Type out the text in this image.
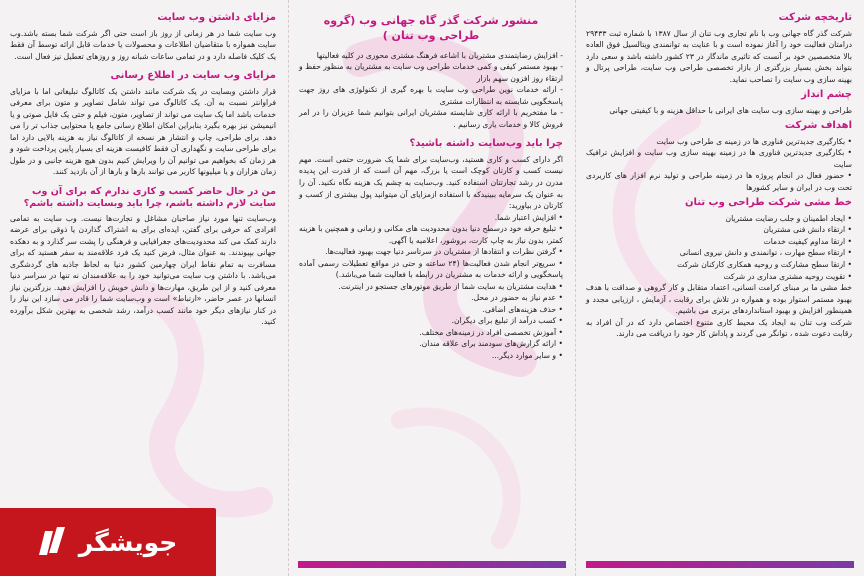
تاریخچه شرکت

شرکت گذر گاه جهانی وب با نام تجاری وب تنان از سال ۱۳۸۷ با شماره ثبت ۲۹۴۳۳ درامتان فعالیت خود را آغاز نموده است و با عنایت به توانمندی ویتالسیل فوق العاده بالا متخصصین خود بر آنست که تاثیری ماندگار در ۲۳ کشور داشته باشد و سعی دارد بتواند بخش بسیار بزرگتری از بازار تخصصی طراحی وب سایت، طراحی پرتال و بهینه سازی وب سایت را تصاحب نماید.

چشم انداز

طراحی و بهینه سازی وب سایت های ایرانی با حداقل هزینه و با کیفیتی جهانی

اهداف شرکت
• بکارگیری جدیدترین فناوری ها در زمینه ی طراحی وب سایت
• بکارگیری جدیدترین فناوری ها در زمینه بهینه سازی وب سایت و افزایش ترافیک سایت
• حضور فعال در انجام پروژه ها در زمینه طراحی و تولید نرم افزار های کاربردی تحت وب در ایران و سایر کشورها
خط مشی شرکت طراحی وب تنان
• ایجاد اطمینان و جلب رضایت مشتریان
• ارتقاء دانش فنی مشتریان
• ارتقا مداوم کیفیت خدمات
• ارتقاء سطح مهارت ، توانمندی و دانش نیروی انسانی
• ارتقا سطح مشارکت و روحیه همکاری کارکنان شرکت
• تقویت روحیه مشتری مداری در شرکت

خط مشی ما بر مبنای کرامت انسانی، اعتماد متقابل و کار گروهی و صداقت با هدف بهبود مستمر استوار بوده و همواره در تلاش برای رقابت ، آزمایش ، ارزیابی مجدد و همینطور افزایش و بهبود استانداردهای برتری می باشیم.

شرکت وب تنان به ایجاد یک محیط کاری متنوع اختصاص دارد که در آن افراد به رقابت دعوت شده ، توانگر می گردند و پاداش کار خود را دریافت می دارند.

منشور شرکت گذر گاه جهانی وب (گروه طراحی وب تنان )
- افزایش رضایتمندی مشتریان با اشاعه فرهنگ مشتری محوری در کلیه فعالیتها
- بهبود مستمر کیفی و کمی خدمات طراحی وب سایت به مشتریان به منظور حفظ و ارتقاء روز افزون سهم بازار
- ارائه خدمات نوین طراحی وب سایت با بهره گیری از تکنولوژی های روز جهت پاسخگویی شایسته به انتظارات مشتری
- ما مفتخریم با ارائه کاری شایسته مشتریان ایرانی بتوانیم شما عزیزان را در امر فروش کالا و خدمات یاری رسانیم .
چرا باید وب‌سایت داشته باشید؟

اگر دارای کسب و کاری هستید، وب‌سایت برای شما یک ضرورت حتمی است. مهم نیست کسب و کارتان کوچک است یا بزرگ، مهم آن است که از قدرت این پدیده مدرن در رشد تجارتتان استفاده کنید. وب‌سایت به چشم یک هزینه نگاه نکنید. آن را به عنوان یک سرمایه ببینید‌که با استفاده ازمزایای آن میتوانید پول بیشتری از کسب و کارتان در بیاورید:

• افزایش اعتبار شما.
• تبلیغ حرفه خود درسطح دنیا بدون محدودیت های مکانی و زمانی و همچنین با هزینه کمتر، بدون نیاز به چاپ کارت، بروشور، اعلامیه یا آگهی.
• گرفتن نظرات و انتقادها از مشتریان در سرتاسر دنیا جهت بهبود فعالیت‌ها.
• سریع‌تر انجام شدن فعالیت‌ها (۲۴ ساعته و حتی در مواقع تعطیلات رسمی آماده پاسخگویی و ارائه خدمات به مشتریان در رابطه با فعالیت شما می‌باشد.)
• هدایت مشتریان به سایت شما از طریق موتورهای جستجو در اینترنت.
• عدم نیاز به حضور در محل.
• حذف هزینه‌های اضافی.
• کسب درآمد از تبلیغ برای دیگران.
• آموزش تخصصی افراد در زمینه‌های مختلف.
• ارائه گزارش‌های سودمند برای علاقه مندان.
• و سایر موارد دیگر...
مزایای داشتن وب سایت

وب سایت شما در هر زمانی از روز باز است حتی اگر شرکت شما بسته باشد.وب سایت همواره با متقاضیان اطلاعات و محصولات یا خدمات قابل ارائه توسط آن فقط یک کلیک فاصله دارد و در تمامی ساعات شبانه روز و روزهای تعطیل نیز فعال است.

مزایای وب سایت در اطلاع رسانی

قرار داشتن وبسایت در یک شرکت مانند داشتن یک کاتالوگ تبلیغاتی اما با مزایای فراوانتر نسبت به آن. یک کاتالوگ می تواند شامل تصاویر و متون برای معرفی خدمات باشد اما یک سایت می تواند از تصاویر، متون، فیلم و حتی یک فایل صوتی و یا انیمیشن نیز بهره بگیرد بنابراین امکان اطلاع رسانی جامع یا محتوایی جذاب تر را می دهد. برای طراحی، چاپ و انتشار هر نسخه از کاتالوگ نیاز به هزینه بالایی دارد اما برای طراحی سایت و نگهداری آن فقط کافیست هزینه ای بسیار پایین پرداخت شود و هر زمان که بخواهیم می توانیم آن را ویرایش کنیم بدون هیچ هزینه جانبی و در طول زمان هزاران و یا میلیونها کاربر می توانند بارها و بارها از آن بازدید کنند.

من در حال حاضر کسب و کاری ندارم که برای آن وب سایت لازم داشته باشم، چرا باید وبسایت داشته باشم؟

وب‌سایت تنها مورد نیاز صاحبان مشاغل و تجارت‌ها نیست. وب سایت به تمامی افرادی که حرفی برای گفتن، ایده‌ای برای به اشتراک گذاردن یا ذوقی برای عرضه دارند کمک می کند محدودیت‌های جغرافیایی و فرهنگی را پشت سر گذارد و به دهکده جهانی بپیوندند. به عنوان مثال، فرض کنید یک فرد علاقه‌مند به سفر هستید که برای مسافرت به تمام نقاط ایران چهارمین کشور دنیا به لحاظ جاذبه های گردشگری می‌باشد. با داشتن وب سایت می‌توانید خود را به علاقه‌مندان نه تنها در سراسر دنیا معرفی کنید و از این طریق، مهارت‌ها و دانش خویش را افزایش دهید. بزرگترین نیاز انسانها در عصر حاضر، «ارتباط» است و وب‌سایت شما را قادر می سازد این نیاز را در کنار نیازهای دیگر خود مانند کسب درآمد، رشد شخصی به بهترین شکل برآورده کنید.

جویشگر
